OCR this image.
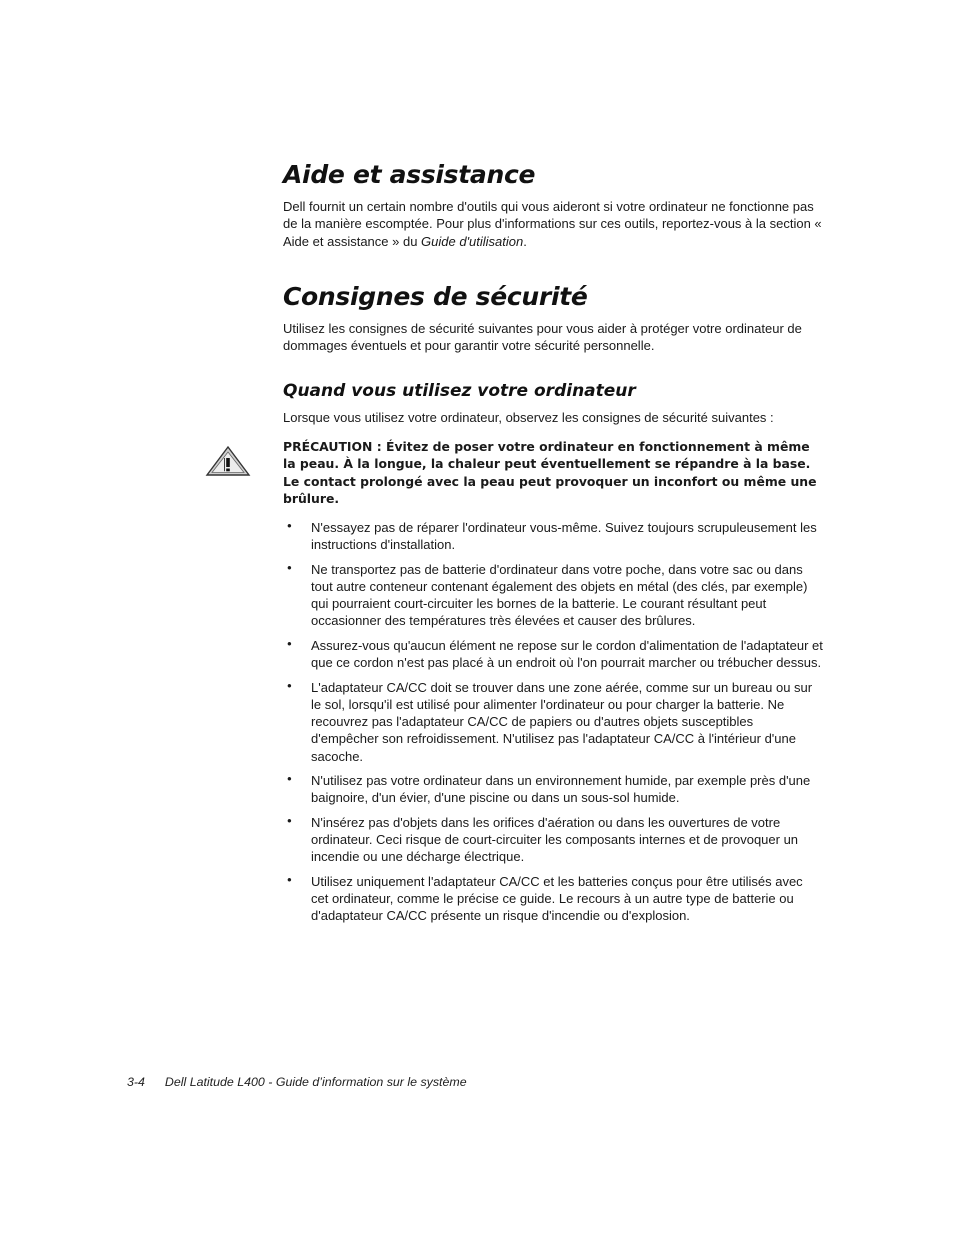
Aide et assistance

Dell fournit un certain nombre d'outils qui vous aideront si votre ordinateur ne fonctionne pas de la manière escomptée. Pour plus d'informations sur ces outils, reportez-vous à la section « Aide et assistance » du Guide d'utilisation.

Consignes de sécurité

Utilisez les consignes de sécurité suivantes pour vous aider à protéger votre ordinateur de dommages éventuels et pour garantir votre sécurité personnelle.

Quand vous utilisez votre ordinateur

Lorsque vous utilisez votre ordinateur, observez les consignes de sécurité suivantes :

PRÉCAUTION : Évitez de poser votre ordinateur en fonctionnement à même la peau. À la longue, la chaleur peut éventuellement se répandre à la base. Le contact prolongé avec la peau peut provoquer un inconfort ou même une brûlure.

• N'essayez pas de réparer l'ordinateur vous-même. Suivez toujours scrupuleusement les instructions d'installation.
• Ne transportez pas de batterie d'ordinateur dans votre poche, dans votre sac ou dans tout autre conteneur contenant également des objets en métal (des clés, par exemple) qui pourraient court-circuiter les bornes de la batterie. Le courant résultant peut occasionner des températures très élevées et causer des brûlures.
• Assurez-vous qu'aucun élément ne repose sur le cordon d'alimentation de l'adaptateur et que ce cordon n'est pas placé à un endroit où l'on pourrait marcher ou trébucher dessus.
• L'adaptateur CA/CC doit se trouver dans une zone aérée, comme sur un bureau ou sur le sol, lorsqu'il est utilisé pour alimenter l'ordinateur ou pour charger la batterie. Ne recouvrez pas l'adaptateur CA/CC de papiers ou d'autres objets susceptibles d'empêcher son refroidissement. N'utilisez pas l'adaptateur CA/CC à l'intérieur d'une sacoche.
• N'utilisez pas votre ordinateur dans un environnement humide, par exemple près d'une baignoire, d'un évier, d'une piscine ou dans un sous-sol humide.
• N'insérez pas d'objets dans les orifices d'aération ou dans les ouvertures de votre ordinateur. Ceci risque de court-circuiter les composants internes et de provoquer un incendie ou une décharge électrique.
• Utilisez uniquement l'adaptateur CA/CC et les batteries conçus pour être utilisés avec cet ordinateur, comme le précise ce guide. Le recours à un autre type de batterie ou d'adaptateur CA/CC présente un risque d'incendie ou d'explosion.
3-4 Dell Latitude L400 - Guide d’information sur le système
